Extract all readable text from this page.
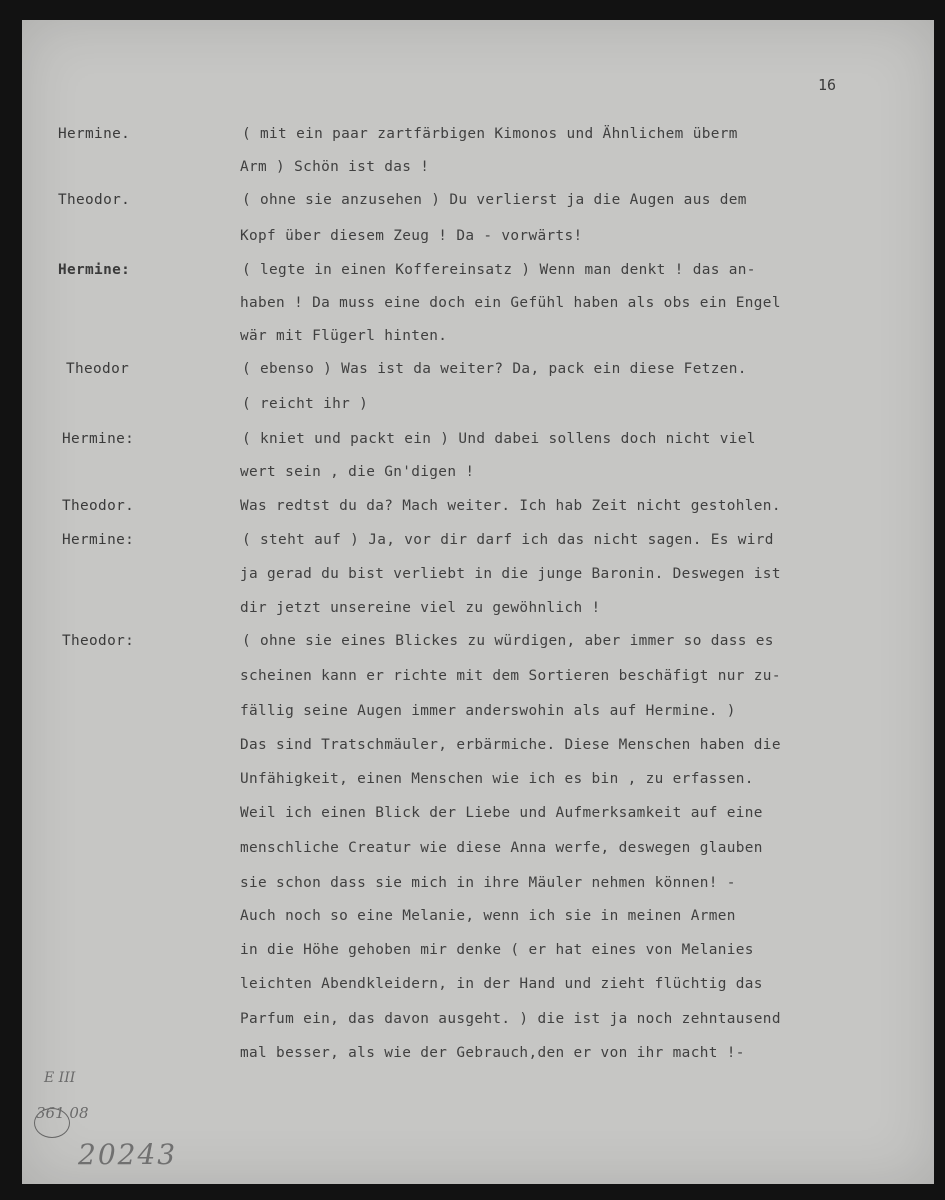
16
Hermine.
Theodor.
Hermine:
Theodor
Hermine:
Theodor.
Hermine:
Theodor:
( mit ein paar zartfärbigen Kimonos und Ähnlichem überm
Arm ) Schön ist das !
( ohne sie anzusehen ) Du verlierst ja die Augen aus dem
Kopf über diesem Zeug ! Da - vorwärts!
( legte in einen Koffereinsatz ) Wenn man denkt ! das an-
haben ! Da muss eine doch ein Gefühl haben als obs ein Engel
wär mit Flügerl hinten.
( ebenso ) Was ist da weiter? Da, pack ein diese Fetzen.
( reicht ihr )
( kniet und packt ein ) Und dabei sollens doch nicht viel
wert sein , die Gn'digen !
Was redtst du da? Mach weiter. Ich hab Zeit nicht gestohlen.
( steht auf ) Ja, vor dir darf ich das nicht sagen. Es wird
ja gerad du bist verliebt in die junge Baronin. Deswegen ist
dir jetzt unsereine viel zu gewöhnlich !
( ohne sie eines Blickes zu würdigen, aber immer so dass es
scheinen kann er richte mit dem Sortieren beschäfigt nur zu-
fällig seine Augen immer anderswohin als auf Hermine. )
Das sind Tratschmäuler, erbärmiche. Diese Menschen haben die
Unfähigkeit, einen Menschen wie ich es bin , zu erfassen.
Weil ich einen Blick der Liebe und Aufmerksamkeit auf eine
menschliche Creatur wie diese Anna werfe, deswegen glauben
sie schon dass sie mich in ihre Mäuler nehmen können! -
Auch noch so eine Melanie, wenn ich sie in meinen Armen
in die Höhe gehoben mir denke ( er hat eines von Melanies
leichten Abendkleidern, in der Hand und zieht flüchtig das
Parfum ein, das davon ausgeht. ) die ist ja noch zehntausend
mal besser, als wie der Gebrauch,den er von ihr macht !-
E III
361 08
20243
